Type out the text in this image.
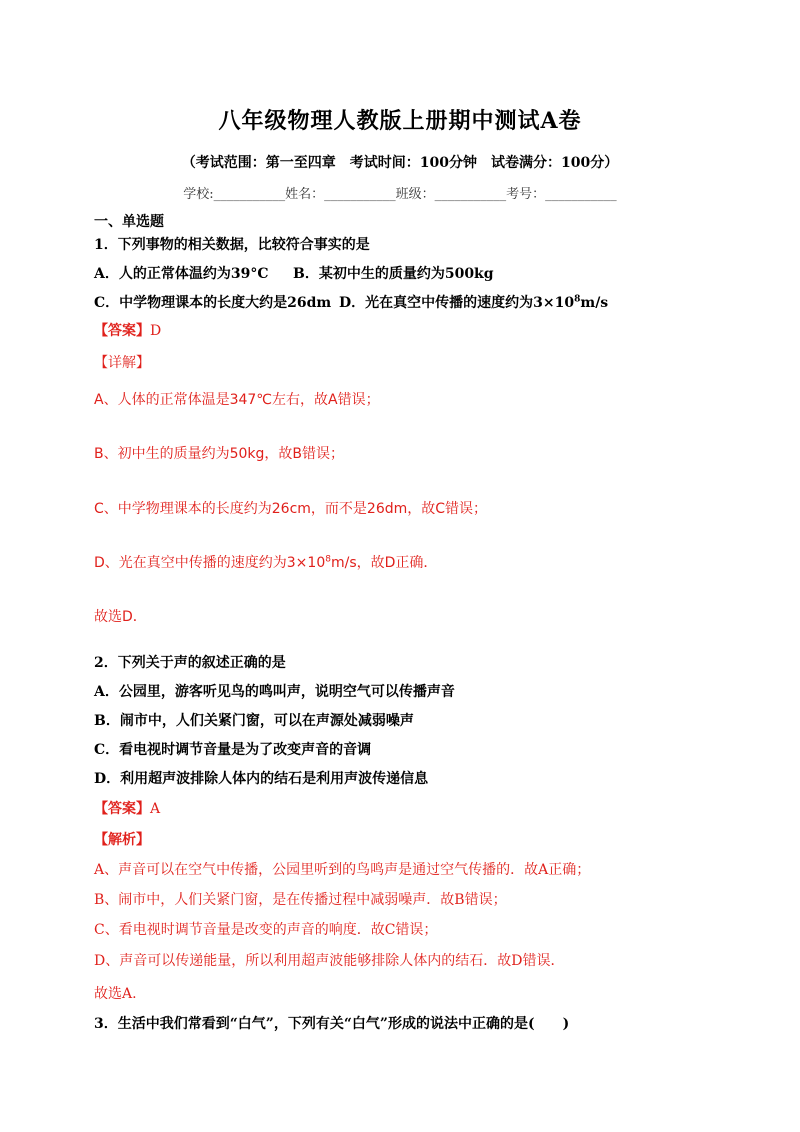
八年级物理人教版上册期中测试A卷
（考试范围：第一至四章　考试时间：100分钟　试卷满分：100分）
学校:___________姓名：___________班级：___________考号：___________
一、单选题
1．下列事物的相关数据，比较符合事实的是
A．人的正常体温约为39°C B．某初中生的质量约为500kg
C．中学物理课本的长度大约是26dm D．光在真空中传播的速度约为$3\times 10^8m/s$
【答案】D
【详解】
A、人体的正常体温是347℃左右，故A错误；
B、初中生的质量约为50kg，故B错误；
C、中学物理课本的长度约为26cm，而不是26dm，故C错误；
D、光在真空中传播的速度约为$3\times 10^8m/s$，故D正确．
故选D．
2．下列关于声的叙述正确的是
A．公园里，游客听见鸟的鸣叫声，说明空气可以传播声音
B．闹市中，人们关紧门窗，可以在声源处减弱噪声
C．看电视时调节音量是为了改变声音的音调
D．利用超声波排除人体内的结石是利用声波传递信息
【答案】A
【解析】
A、声音可以在空气中传播，公园里听到的鸟鸣声是通过空气传播的．故A正确；
B、闹市中，人们关紧门窗，是在传播过程中减弱噪声．故B错误；
C、看电视时调节音量是改变的声音的响度．故C错误；
D、声音可以传递能量，所以利用超声波能够排除人体内的结石．故D错误．
故选A.
3．生活中我们常看到“白气”，下列有关“白气”形成的说法中正确的是(　　)
